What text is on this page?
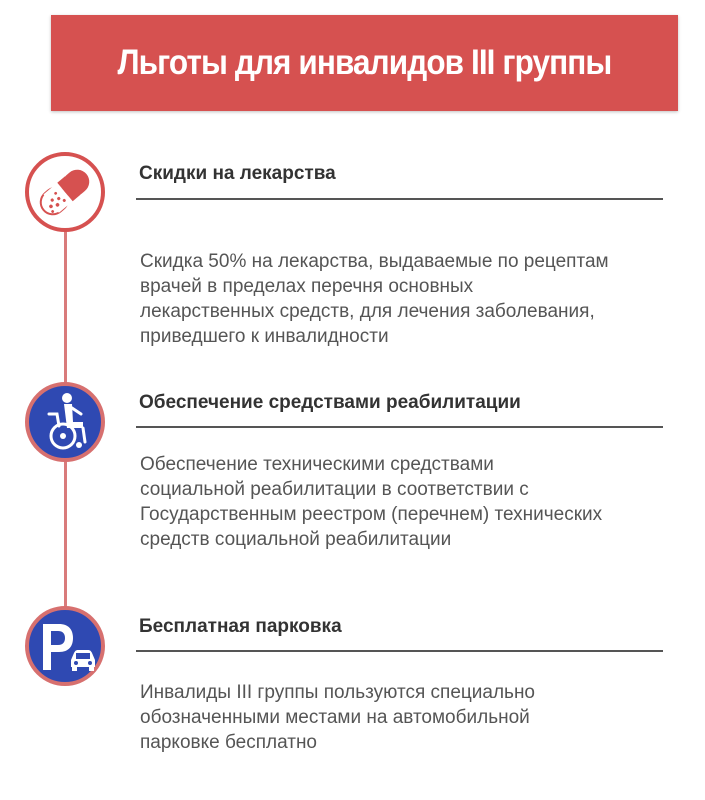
Льготы для инвалидов III группы
Скидки на лекарства
Скидка 50% на лекарства, выдаваемые по рецептам
врачей в пределах перечня основных
лекарственных средств, для лечения заболевания,
приведшего к инвалидности
Обеспечение средствами реабилитации
Обеспечение техническими средствами
социальной реабилитации в соответствии с
Государственным реестром (перечнем) технических
средств социальной реабилитации
Бесплатная парковка
Инвалиды III группы пользуются специально
обозначенными местами на автомобильной
парковке бесплатно
